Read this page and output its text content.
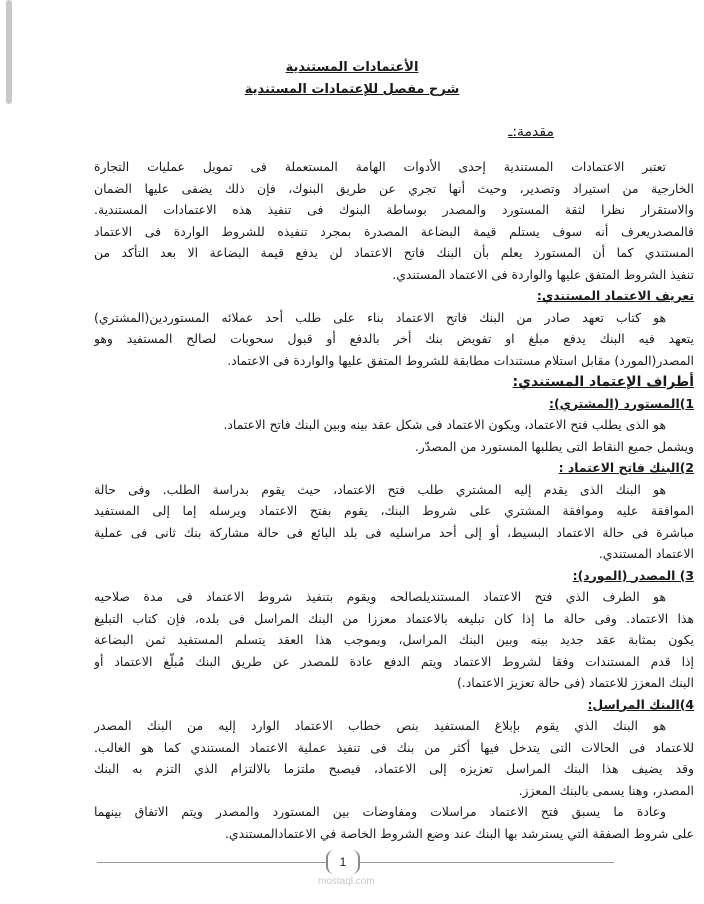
الأعتمادات المستندية
شرح مفصل للإعتمادات المستندية
مقدمة:ـ
تعتبر الاعتمادات المستندية إحدى الأدوات الهامة المستعملة فى تمويل عمليات التجارة
الخارجية من استيراد وتصدير، وحيث أنها تجري عن طريق البنوك، فإن ذلك يضفى عليها الضمان
والاستقرار نظرا لثقة المستورد والمصدر بوساطة البنوك فى تنفيذ هذه الاعتمادات المستندية.
فالمصدريعرف أنه سوف يستلم قيمة البضاعة المصدرة بمجرد تنفيذه للشروط الواردة فى الاعتماد
المستندي كما أن المستورد يعلم بأن البنك فاتح الاعتماد لن يدفع قيمة البضاعة الا بعد التأكد من
تنفيذ الشروط المتفق عليها والواردة فى الاعتماد المستندي.
تعريف الاعتماد المستندي:
هو كتاب تعهد صادر من البنك فاتح الاعتماد بناء على طلب أحد عملائه المستوردين(المشتري)
يتعهد فيه البنك يدفع مبلغ او تفويض بنك أخر بالدفع أو قبول سحوبات لصالح المستفيد وهو
المصدر(المورد) مقابل استلام مستندات مطابقة للشروط المتفق عليها والواردة فى الاعتماد.
أطراف الإعتماد المستندي:
1)المستورد (المشتري):
هو الذى يطلب فتح الاعتماد، ويكون الاعتماد فى شكل عقد بينه وبين البنك فاتح الاعتماد.
ويشمل جميع النقاط التى يطلبها المستورد من المصدّر.
2)البنك فاتح الاعتماد :
هو البنك الذى يقدم إليه المشتري طلب فتح الاعتماد، حيث يقوم بدراسة الطلب. وفى حالة
الموافقة عليه وموافقة المشتري على شروط البنك، يقوم بفتح الاعتماد ويرسله إما إلى المستفيد
مباشرة فى حالة الاعتماد البسيط، أو إلى أحد مراسليه فى بلد البائع فى حالة مشاركة بنك ثانى فى عملية
الاعتماد المستندي.
3) المصدر (المورد):
هو الطرف الذي فتح الاعتماد المستنديلصالحه ويقوم بتنفيذ شروط الاعتماد فى مدة صلاحيه
هذا الاعتماد. وفى حالة ما إذا كان تبليغه بالاعتماد معززا من البنك المراسل فى بلده، فإن كتاب التبليغ
يكون بمثابة عقد جديد بينه وبين البنك المراسل، وبموجب هذا العقد يتسلم المستفيد ثمن البضاعة
إذا قدم المستندات وفقا لشروط الاعتماد ويتم الدفع عادة للمصدر عن طريق البنك مُبلّغ الاعتماد أو
البنك المعزز للاعتماد (فى حالة تعزيز الاعتماد.)
4)البنك المراسل:
هو البنك الذي يقوم بإبلاغ المستفيد بنص خطاب الاعتماد الوارد إليه من البنك المصدر
للاعتماد فى الحالات التى يتدخل فيها أكثر من بنك فى تنفيذ عملية الاعتماد المستندي كما هو الغالب.
وقد يضيف هذا البنك المراسل تعزيزه إلى الاعتماد، فيصبح ملتزما بالالتزام الذي التزم به البنك
المصدر، وهنا يسمى بالبنك المعزز.
وعادة ما يسبق فتح الاعتماد مراسلات ومفاوضات بين المستورد والمصدر ويتم الاتفاق بينهما
على شروط الصفقة التي يسترشد بها البنك عند وضع الشروط الخاصة في الاعتمادالمستندي.
1
mostaql.com
